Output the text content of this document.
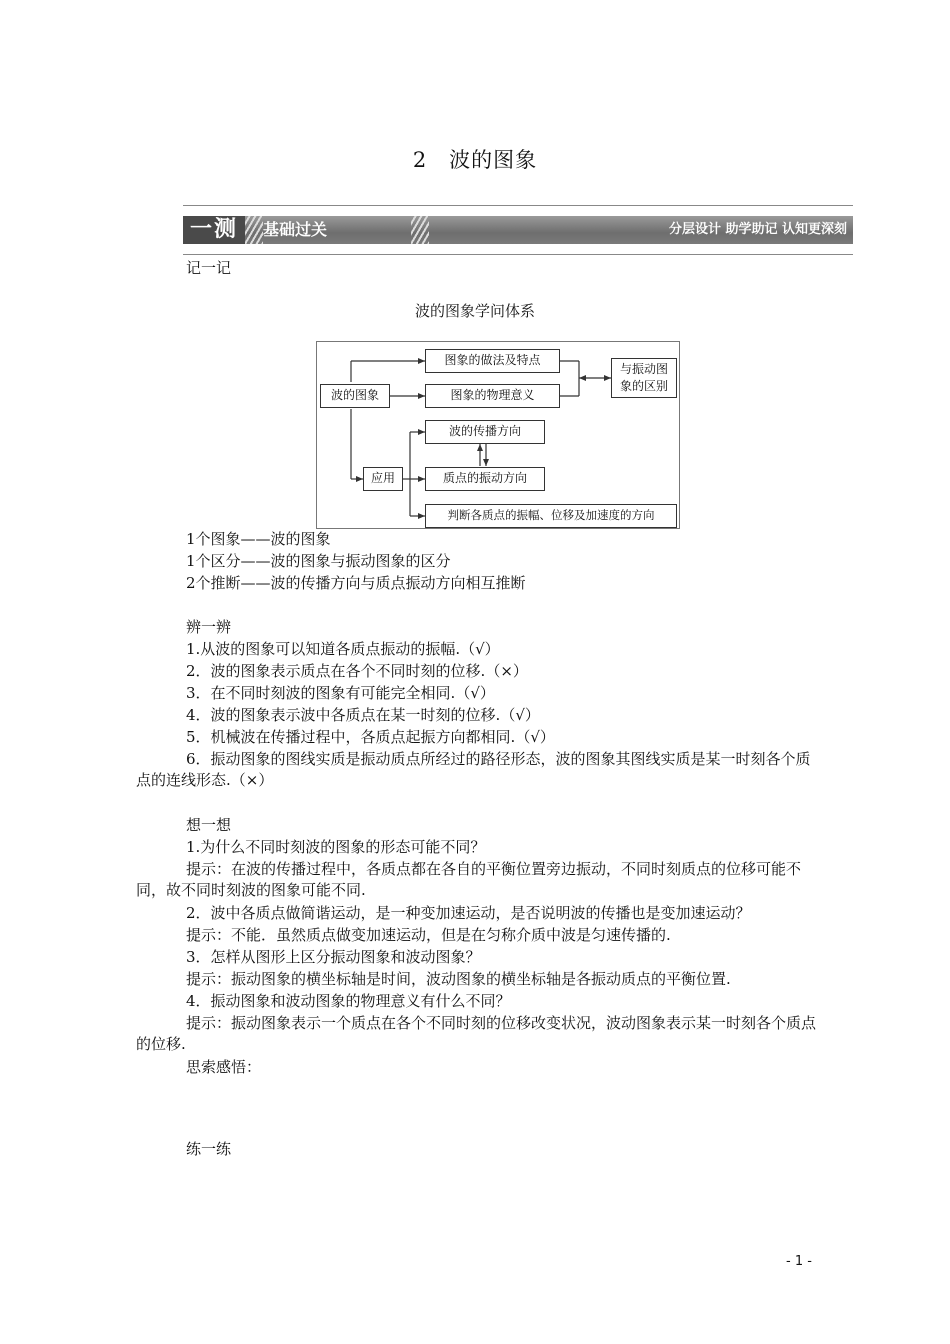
2　波的图象
一测	基础过关	分层设计 助学助记 认知更深刻
记一记
波的图象学问体系
波的图象
图象的做法及特点
图象的物理意义
与振动图象的区别
应用
波的传播方向
质点的振动方向
判断各质点的振幅、位移及加速度的方向
1个图象——波的图象
1个区分——波的图象与振动图象的区分
2个推断——波的传播方向与质点振动方向相互推断
辨一辨
1.从波的图象可以知道各质点振动的振幅.（√）
2．波的图象表示质点在各个不同时刻的位移.（×）
3．在不同时刻波的图象有可能完全相同.（√）
4．波的图象表示波中各质点在某一时刻的位移.（√）
5．机械波在传播过程中，各质点起振方向都相同.（√）
6．振动图象的图线实质是振动质点所经过的路径形态，波的图象其图线实质是某一时刻各个质点的连线形态.（×）
想一想
1.为什么不同时刻波的图象的形态可能不同？
提示：在波的传播过程中，各质点都在各自的平衡位置旁边振动，不同时刻质点的位移可能不同，故不同时刻波的图象可能不同.
2．波中各质点做简谐运动，是一种变加速运动，是否说明波的传播也是变加速运动？
提示：不能．虽然质点做变加速运动，但是在匀称介质中波是匀速传播的.
3．怎样从图形上区分振动图象和波动图象？
提示：振动图象的横坐标轴是时间，波动图象的横坐标轴是各振动质点的平衡位置.
4．振动图象和波动图象的物理意义有什么不同？
提示：振动图象表示一个质点在各个不同时刻的位移改变状况，波动图象表示某一时刻各个质点的位移.
思索感悟：
练一练
- 1 -
